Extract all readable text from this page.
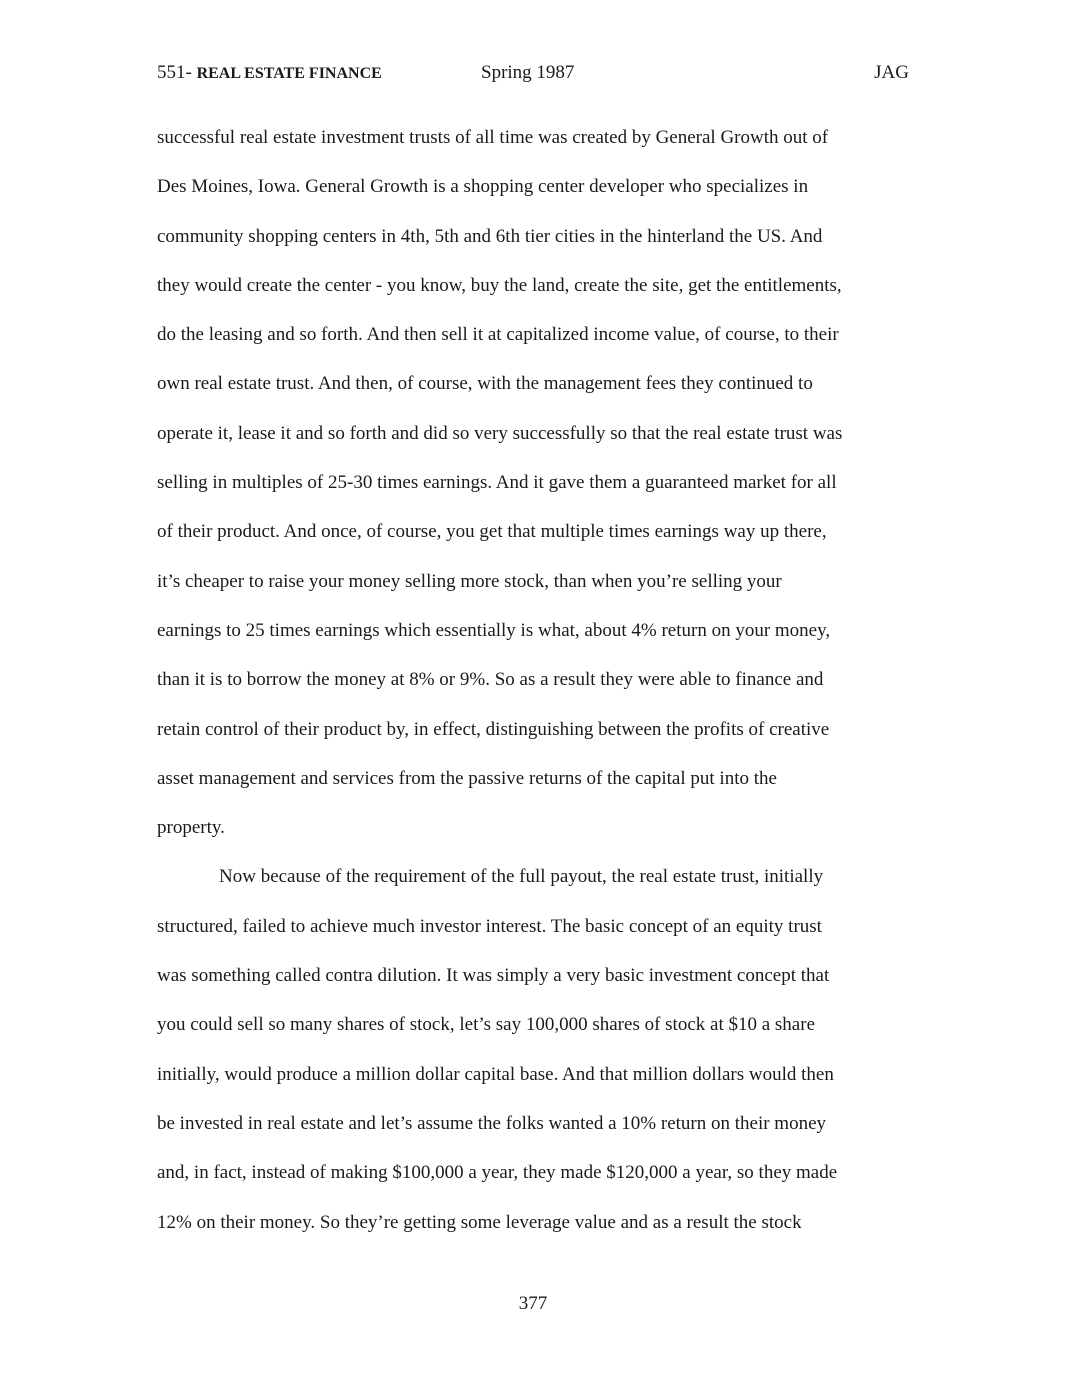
551- REAL ESTATE FINANCE	Spring 1987	JAG
successful real estate investment trusts of all time was created by General Growth out of
Des Moines, Iowa. General Growth is a shopping center developer who specializes in
community shopping centers in 4th, 5th and 6th tier cities in the hinterland the US. And
they would create the center - you know, buy the land, create the site, get the entitlements,
do the leasing and so forth. And then sell it at capitalized income value, of course, to their
own real estate trust. And then, of course, with the management fees they continued to
operate it, lease it and so forth and did so very successfully so that the real estate trust was
selling in multiples of 25-30 times earnings. And it gave them a guaranteed market for all
of their product. And once, of course, you get that multiple times earnings way up there,
it’s cheaper to raise your money selling more stock, than when you’re selling your
earnings to 25 times earnings which essentially is what, about 4% return on your money,
than it is to borrow the money at 8% or 9%. So as a result they were able to finance and
retain control of their product by, in effect, distinguishing between the profits of creative
asset management and services from the passive returns of the capital put into the
property.
Now because of the requirement of the full payout, the real estate trust, initially
structured, failed to achieve much investor interest. The basic concept of an equity trust
was something called contra dilution. It was simply a very basic investment concept that
you could sell so many shares of stock, let’s say 100,000 shares of stock at $10 a share
initially, would produce a million dollar capital base. And that million dollars would then
be invested in real estate and let’s assume the folks wanted a 10% return on their money
and, in fact, instead of making $100,000 a year, they made $120,000 a year, so they made
12% on their money. So they’re getting some leverage value and as a result the stock
377
